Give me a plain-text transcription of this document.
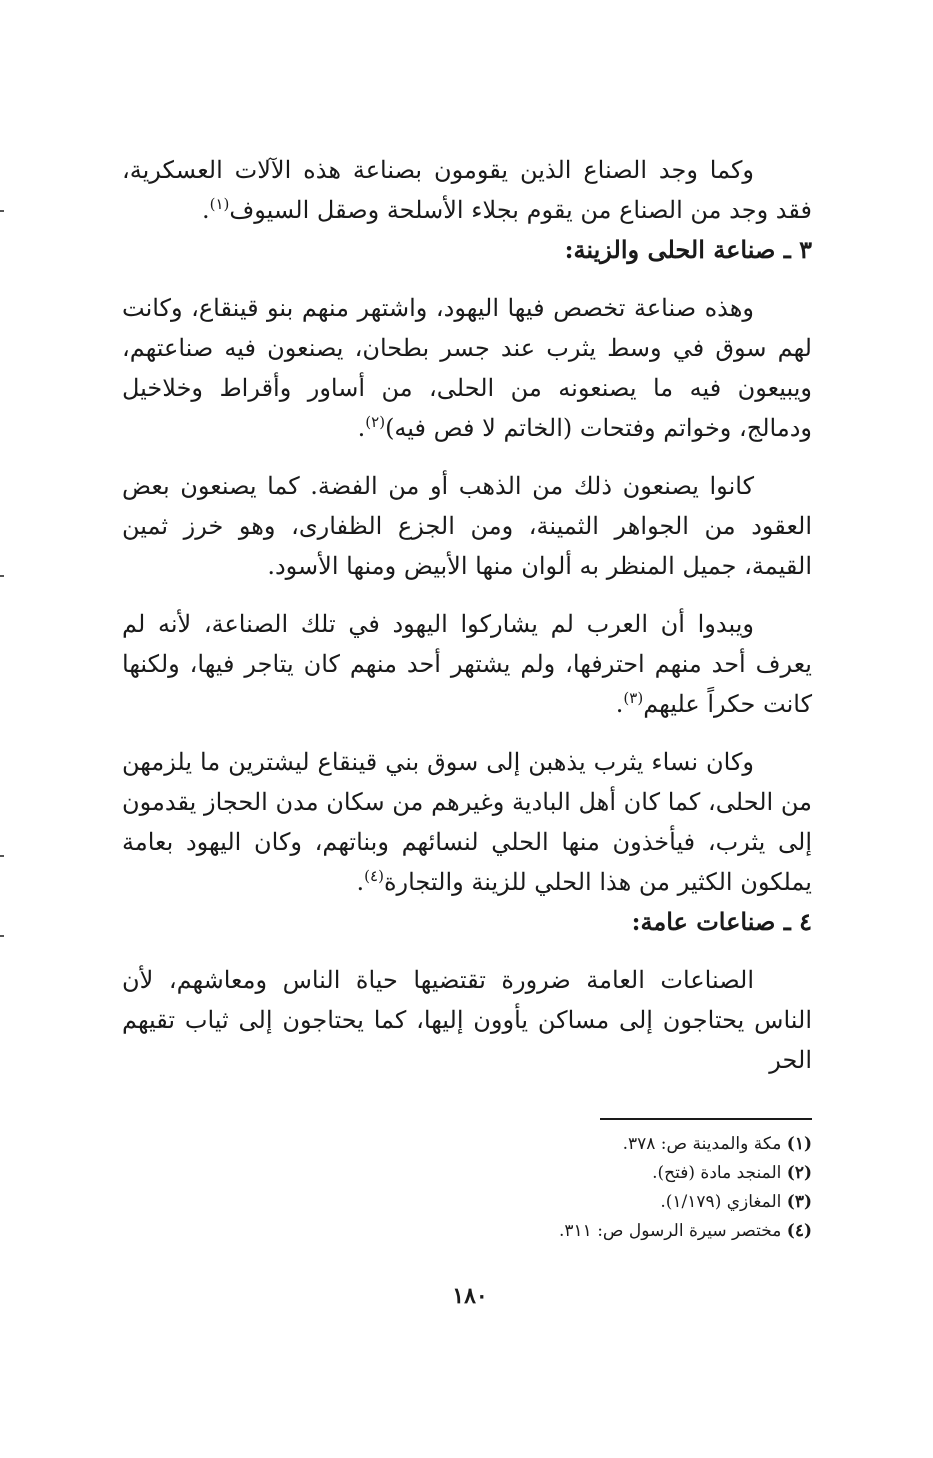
وكما وجد الصناع الذين يقومون بصناعة هذه الآلات العسكرية، فقد وجد من الصناع من يقوم بجلاء الأسلحة وصقل السيوف$^{(١)}$.

٣ ـ صناعة الحلى والزينة:

وهذه صناعة تخصص فيها اليهود، واشتهر منهم بنو قينقاع، وكانت لهم سوق في وسط يثرب عند جسر بطحان، يصنعون فيه صناعتهم، ويبيعون فيه ما يصنعونه من الحلى، من أساور وأقراط وخلاخيل ودمالج، وخواتم وفتحات (الخاتم لا فص فيه)$^{(٢)}$.

كانوا يصنعون ذلك من الذهب أو من الفضة. كما يصنعون بعض العقود من الجواهر الثمينة، ومن الجزع الظفارى، وهو خرز ثمين القيمة، جميل المنظر به ألوان منها الأبيض ومنها الأسود.

ويبدوا أن العرب لم يشاركوا اليهود في تلك الصناعة، لأنه لم يعرف أحد منهم احترفها، ولم يشتهر أحد منهم كان يتاجر فيها، ولكنها كانت حكراً عليهم$^{(٣)}$.

وكان نساء يثرب يذهبن إلى سوق بني قينقاع ليشترين ما يلزمهن من الحلى، كما كان أهل البادية وغيرهم من سكان مدن الحجاز يقدمون إلى يثرب، فيأخذون منها الحلي لنسائهم وبناتهم، وكان اليهود بعامة يملكون الكثير من هذا الحلي للزينة والتجارة$^{(٤)}$.

٤ ـ صناعات عامة:

الصناعات العامة ضرورة تقتضيها حياة الناس ومعاشهم، لأن الناس يحتاجون إلى مساكن يأوون إليها، كما يحتاجون إلى ثياب تقيهم الحر

(١) مكة والمدينة ص: ٣٧٨.

(٢) المنجد مادة (فتح).

(٣) المغازي (١/١٧٩).

(٤) مختصر سيرة الرسول ص: ٣١١.

١٨٠
